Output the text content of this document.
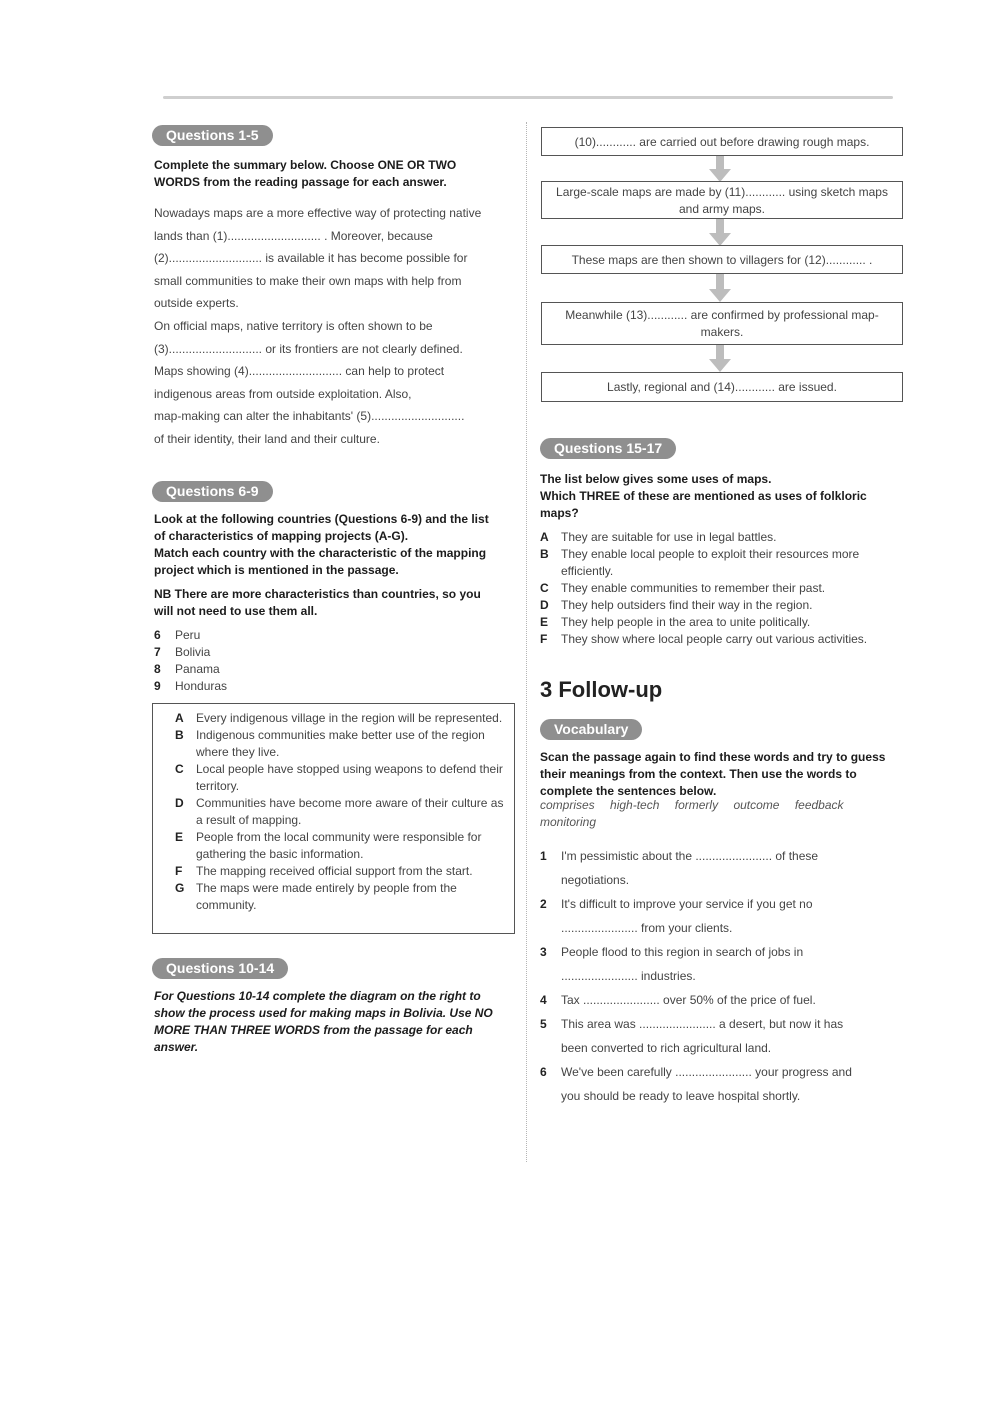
Questions 1-5
Complete the summary below. Choose ONE OR TWO
WORDS from the reading passage for each answer.
Nowadays maps are a more effective way of protecting native
lands than (1)............................ . Moreover, because
(2)............................ is available it has become possible for
small communities to make their own maps with help from
outside experts.
On official maps, native territory is often shown to be
(3)............................ or its frontiers are not clearly defined.
Maps showing (4)............................ can help to protect
indigenous areas from outside exploitation. Also,
map-making can alter the inhabitants' (5)............................
of their identity, their land and their culture.
Questions 6-9
Look at the following countries (Questions 6-9) and the list
of characteristics of mapping projects (A-G).
Match each country with the characteristic of the mapping
project which is mentioned in the passage.
NB There are more characteristics than countries, so you
will not need to use them all.
6	Peru
7	Bolivia
8	Panama
9	Honduras
A	Every indigenous village in the region will be represented.
B	Indigenous communities make better use of the region where they live.
C	Local people have stopped using weapons to defend their territory.
D	Communities have become more aware of their culture as a result of mapping.
E	People from the local community were responsible for gathering the basic information.
F	The mapping received official support from the start.
G The maps were made entirely by people from the community.
Questions 10-14
For Questions 10-14 complete the diagram on the right to
show the process used for making maps in Bolivia. Use NO
MORE THAN THREE WORDS from the passage for each
answer.
(10)............ are carried out before drawing rough maps.
Large-scale maps are made by (11)............ using sketch maps and army maps.
These maps are then shown to villagers for (12)............ .
Meanwhile (13)............ are confirmed by professional map-makers.
Lastly, regional and (14)............ are issued.
Questions 15-17
The list below gives some uses of maps.
Which THREE of these are mentioned as uses of folkloric
maps?
A	They are suitable for use in legal battles.
B	They enable local people to exploit their resources more efficiently.
C	They enable communities to remember their past.
D	They help outsiders find their way in the region.
E	They help people in the area to unite politically.
F	They show where local people carry out various activities.
3 Follow-up
Vocabulary
Scan the passage again to find these words and try to guess
their meanings from the context. Then use the words to
complete the sentences below.
comprises high-tech formerly outcome feedback
monitoring
1	I'm pessimistic about the ....................... of these
negotiations.
2	It's difficult to improve your service if you get no
....................... from your clients.
3	People flood to this region in search of jobs in
....................... industries.
4	Tax ....................... over 50% of the price of fuel.
5	This area was ....................... a desert, but now it has
been converted to rich agricultural land.
6	We've been carefully ....................... your progress and
you should be ready to leave hospital shortly.
